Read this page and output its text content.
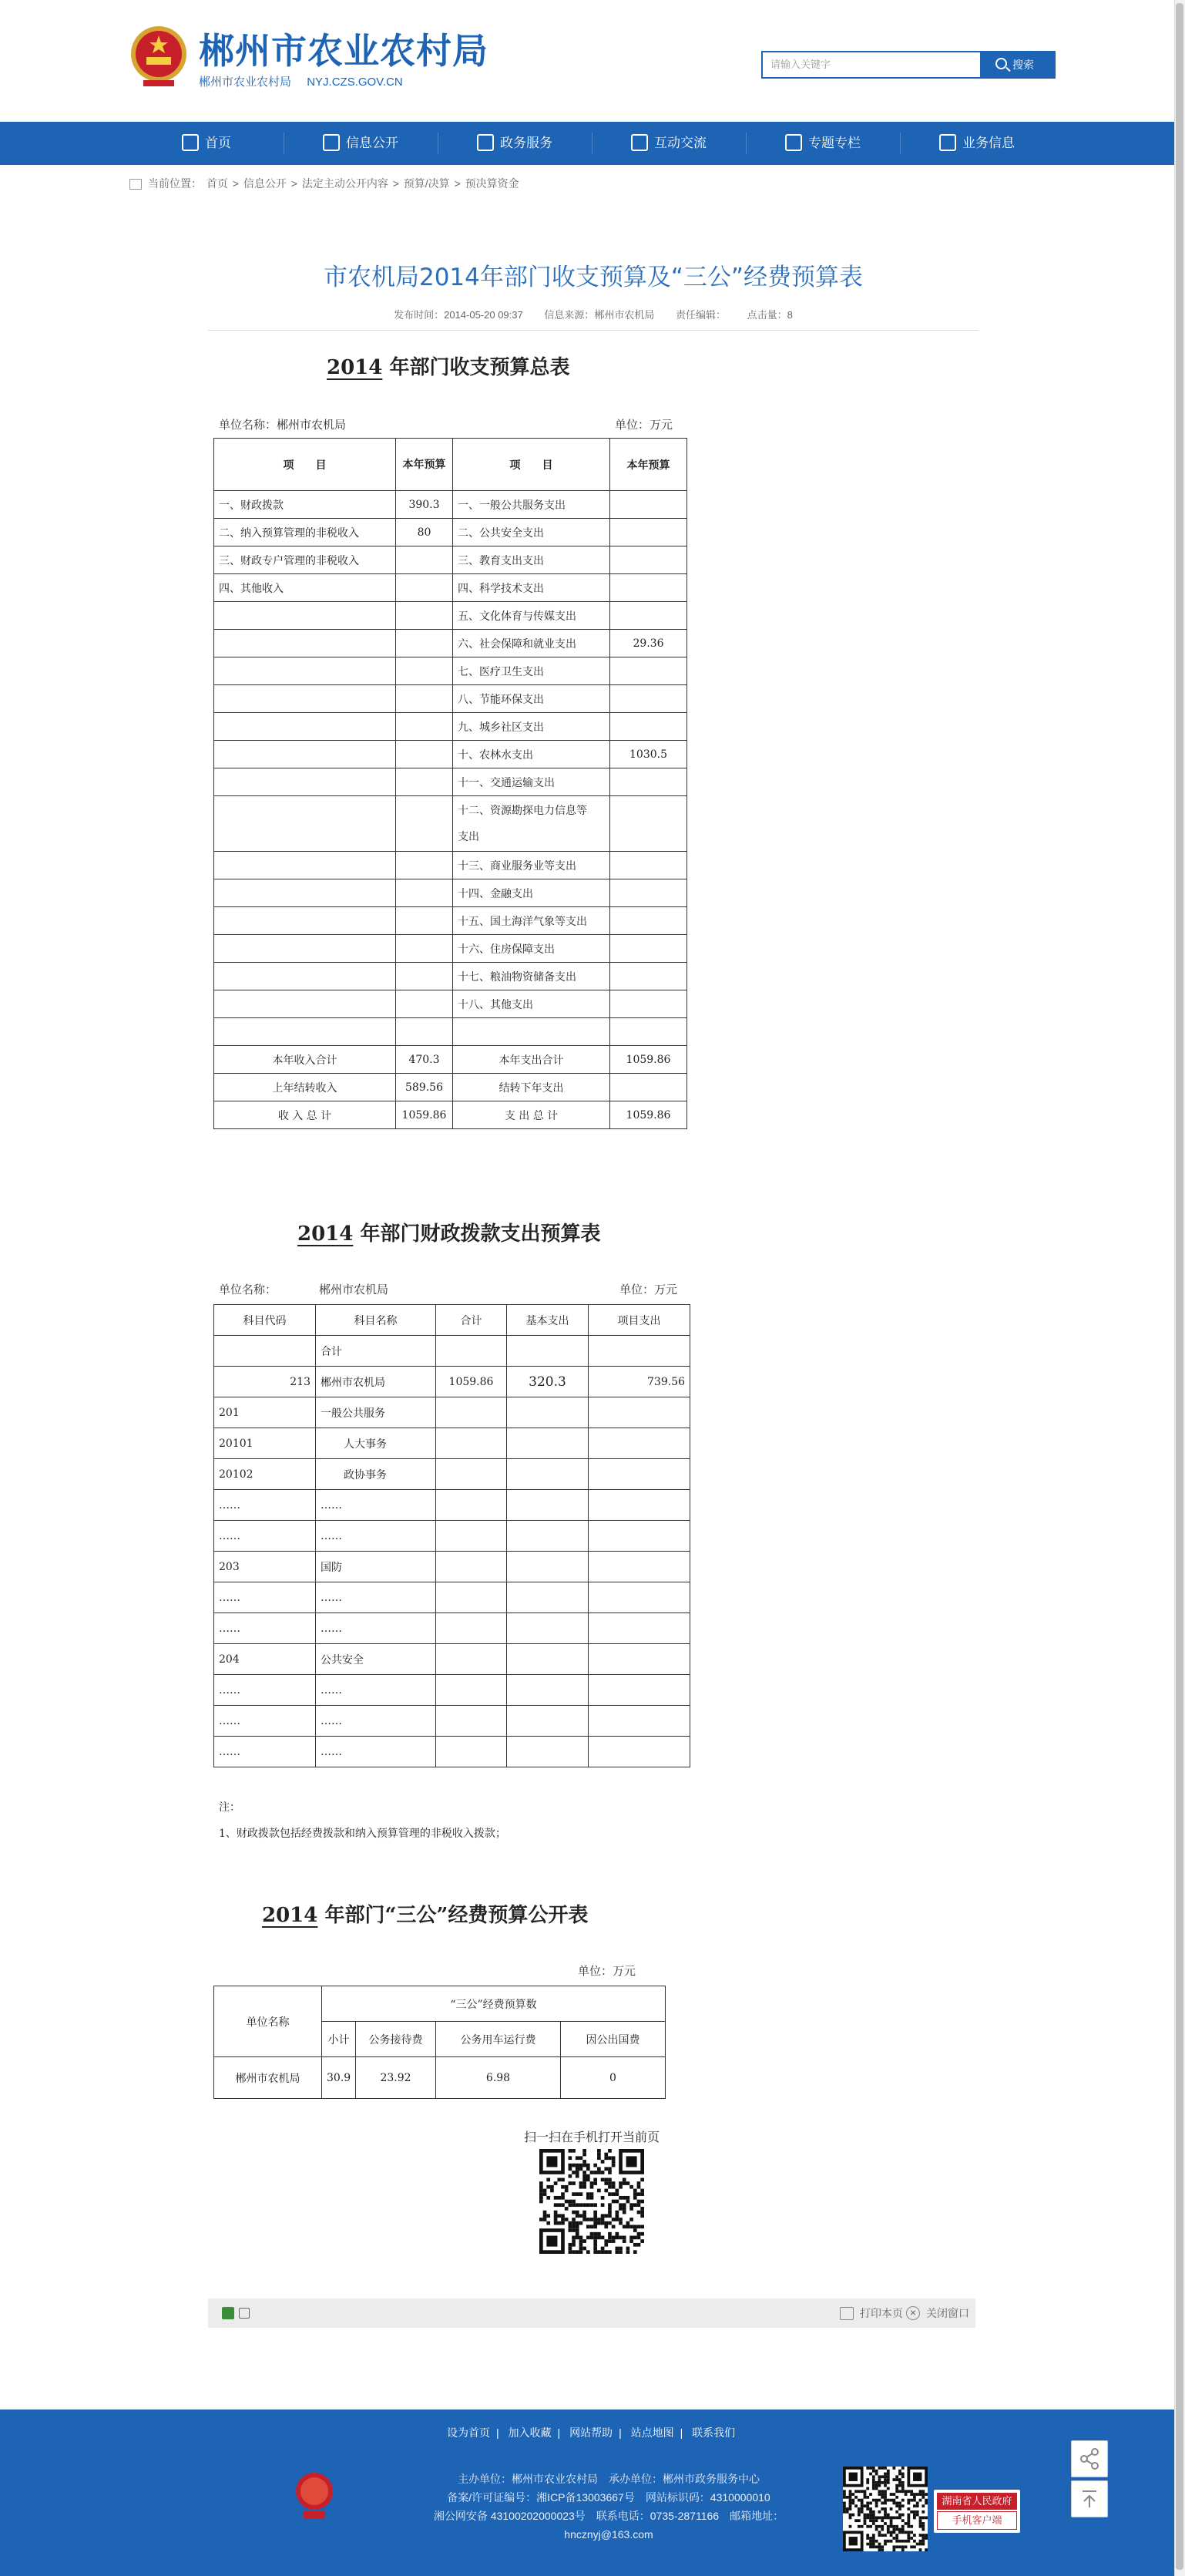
郴州市农业农村局
郴州市农业农村局 NYJ.CZS.GOV.CN
请输入关键字	搜索
首页	信息公开	政务服务	互动交流	专题专栏	业务信息
当前位置： 首页 > 信息公开 > 法定主动公开内容 > 预算/决算 > 预决算资金
市农机局2014年部门收支预算及“三公”经费预算表
发布时间：2014-05-20 09:37 信息来源：郴州市农机局 责任编辑： 点击量：8
2014 年部门收支预算总表
单位名称：郴州市农机局	单位：万元
项　　目	本年预算	项　　目	本年预算
一、财政拨款	390.3	一、一般公共服务支出	
二、纳入预算管理的非税收入	80	二、公共安全支出	
三、财政专户管理的非税收入		三、教育支出支出	
四、其他收入		四、科学技术支出	
		五、文化体育与传媒支出	
		六、社会保障和就业支出	29.36
		七、医疗卫生支出	
		八、节能环保支出	
		九、城乡社区支出	
		十、农林水支出	1030.5
		十一、交通运输支出	
		十二、资源勘探电力信息等
支出	
		十三、商业服务业等支出	
		十四、金融支出	
		十五、国土海洋气象等支出	
		十六、住房保障支出	
		十七、粮油物资储备支出	
		十八、其他支出	

本年收入合计	470.3	本年支出合计	1059.86
上年结转收入	589.56	结转下年支出	
收 入 总 计	1059.86	支 出 总 计	1059.86
2014 年部门财政拨款支出预算表
单位名称：	郴州市农机局	单位：万元
科目代码	科目名称	合计	基本支出	项目支出
	合计			
213	郴州市农机局	1059.86	320.3	739.56
201	一般公共服务			
20101	人大事务			
20102	政协事务			
……	……			
……	……			
203	国防			
……	……			
……	……			
204	公共安全			
……	……			
……	……			
……	……			
注：
1、财政拨款包括经费拨款和纳入预算管理的非税收入拨款；
2014 年部门“三公”经费预算公开表
单位：万元
单位名称	“三公”经费预算数			
	小计	公务接待费	公务用车运行费	因公出国费
郴州市农机局	30.9	23.92	6.98	0
扫一扫在手机打开当前页
打印本页	× 关闭窗口
设为首页 | 加入收藏 | 网站帮助 | 站点地图 | 联系我们
主办单位：郴州市农业农村局　承办单位：郴州市政务服务中心
备案/许可证编号：湘ICP备13003667号　网站标识码：4310000010
湘公网安备 43100202000023号　联系电话：0735-2871166　邮箱地址：
hncznyj@163.com
湖南省人民政府
手机客户端
